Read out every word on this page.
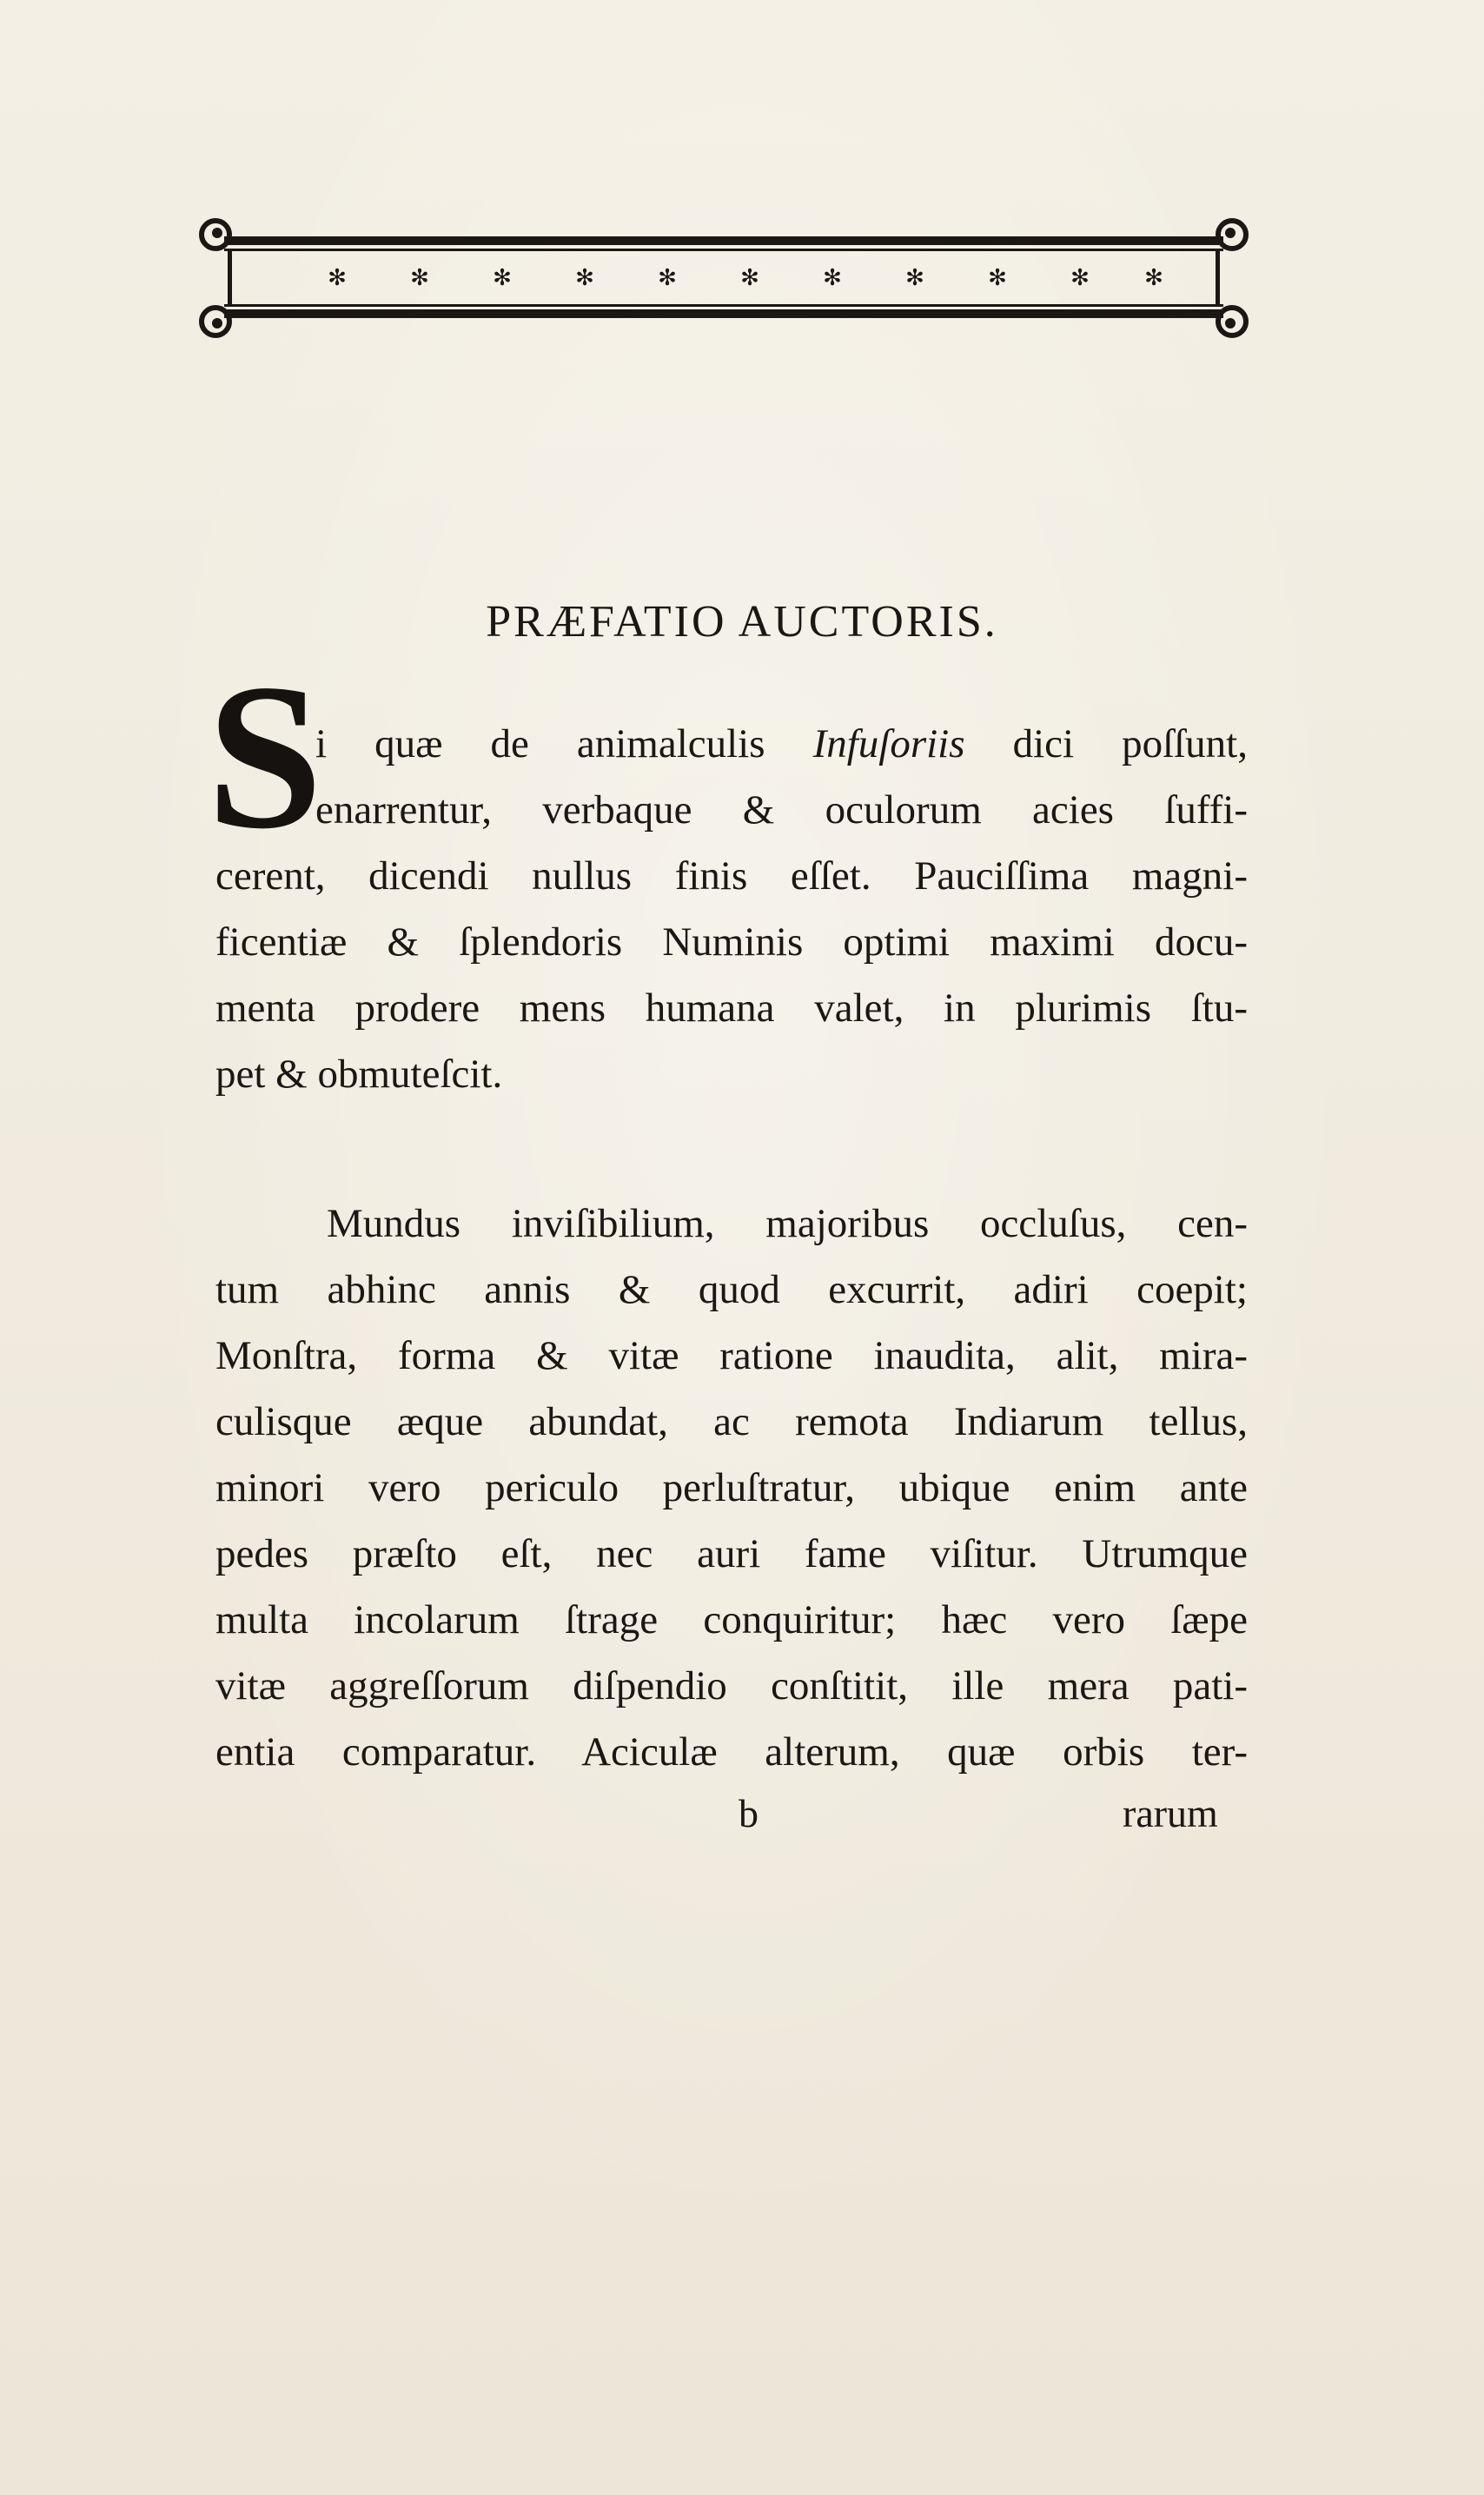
✻	✻	✻	✻	✻	✻	✻	✻	✻	✻ ✻
PRÆFATIO AUCTORIS.
S
i quæ de animalculis Infuſoriis dici poſſunt,
enarrentur, verbaque & oculorum acies ſuffi-
cerent, dicendi nullus finis eſſet. Pauciſſima magni-
ficentiæ & ſplendoris Numinis optimi maximi docu-
menta prodere mens humana valet, in plurimis ſtu-
pet & obmuteſcit.
Mundus inviſibilium, majoribus occluſus, cen-
tum abhinc annis & quod excurrit, adiri coepit;
Monſtra, forma & vitæ ratione inaudita, alit, mira-
culisque æque abundat, ac remota Indiarum tellus,
minori vero periculo perluſtratur, ubique enim ante
pedes præſto eſt, nec auri fame viſitur. Utrumque
multa incolarum ſtrage conquiritur; hæc vero ſæpe
vitæ aggreſſorum diſpendio conſtitit, ille mera pati-
entia comparatur. Aciculæ alterum, quæ orbis ter-
b	rarum
